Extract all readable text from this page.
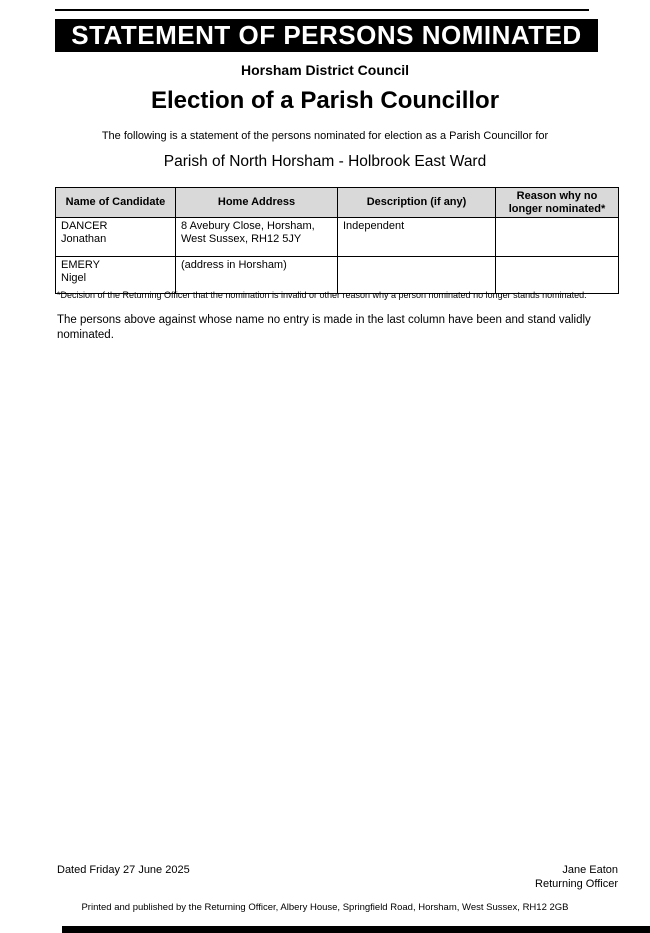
STATEMENT OF PERSONS NOMINATED
Horsham District Council
Election of a Parish Councillor
The following is a statement of the persons nominated for election as a Parish Councillor for
Parish of North Horsham - Holbrook East Ward
Name of Candidate	Home Address	Description (if any)	Reason why no longer nominated*

DANCER
Jonathan	8 Avebury Close, Horsham, West Sussex, RH12 5JY	Independent	

EMERY
Nigel	(address in Horsham)		
*Decision of the Returning Officer that the nomination is invalid or other reason why a person nominated no longer stands nominated.
The persons above against whose name no entry is made in the last column have been and stand validly nominated.
Dated Friday 27 June 2025	Jane Eaton
Returning Officer
Printed and published by the Returning Officer, Albery House, Springfield Road, Horsham, West Sussex, RH12 2GB
